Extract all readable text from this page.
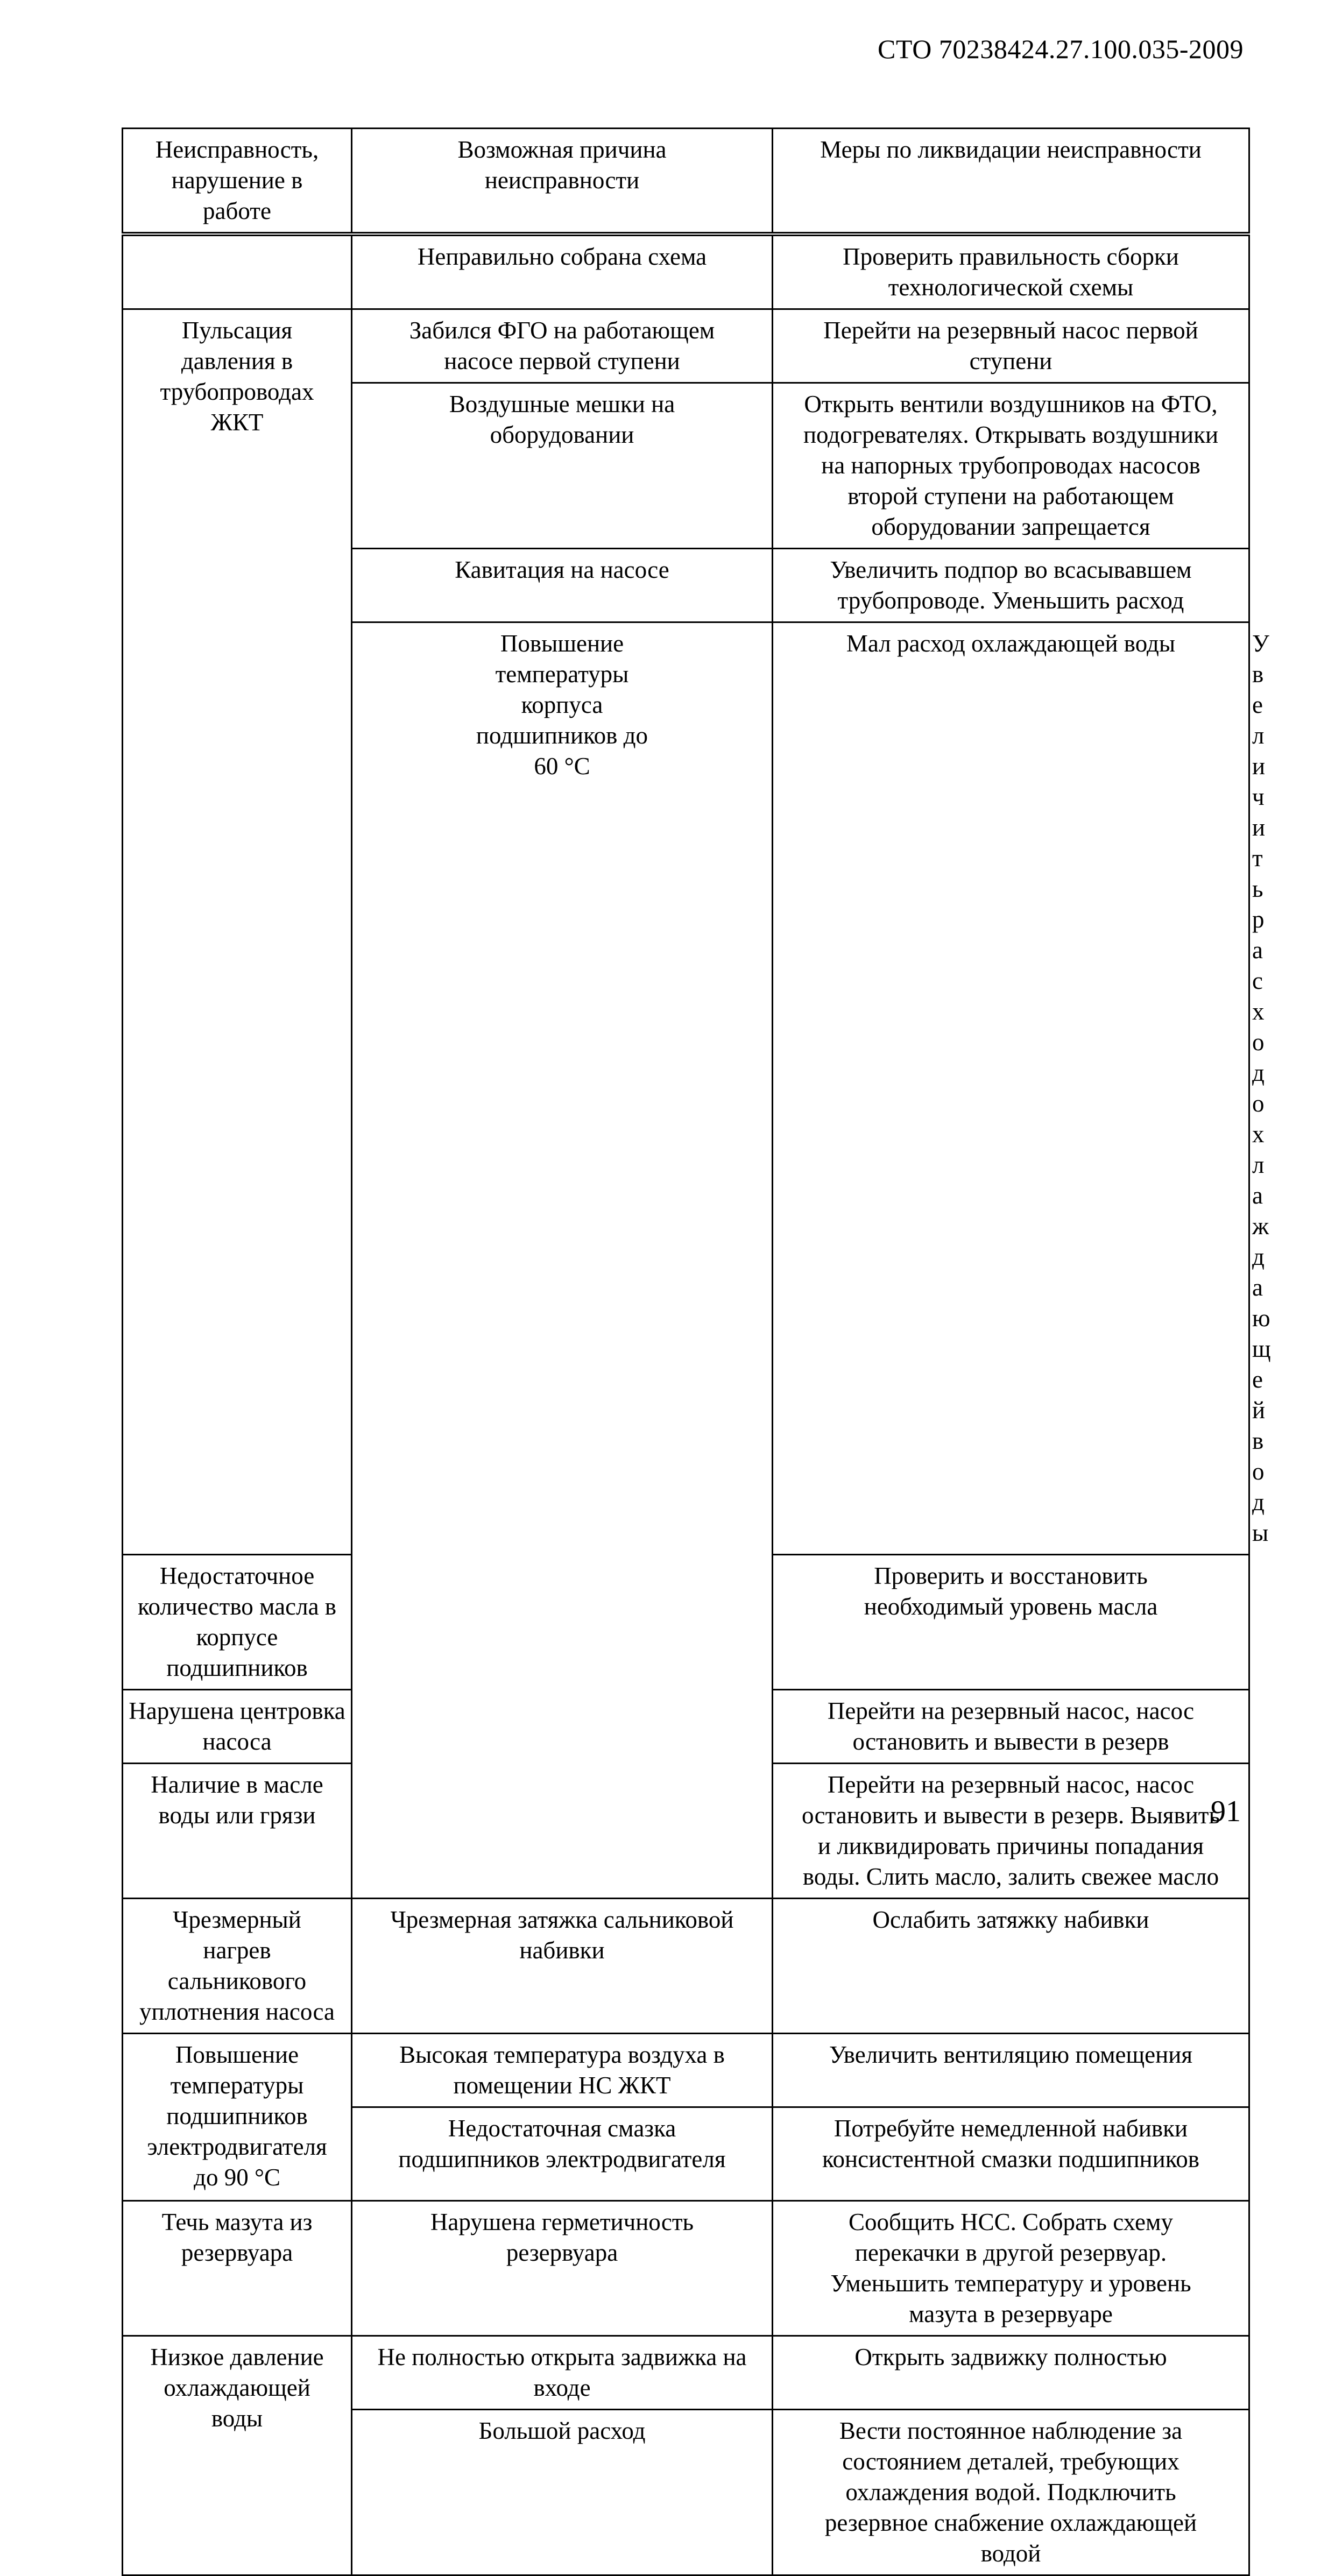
СТО 70238424.27.100.035-2009
Неисправность,
нарушение в
работе	Возможная причина
неисправности	Меры по ликвидации неисправности	

	Неправильно собрана схема	Проверить правильность сборки
технологической схемы	

Пульсация
давления в
трубопроводах
ЖКТ	Забился ФГО на работающем
насосе первой ступени	Перейти на резервный насос первой
ступени	

	Воздушные мешки на
оборудовании	Открыть вентили воздушников на ФТО,
подогревателях. Открывать воздушники
на напорных трубопроводах насосов
второй ступени на работающем
оборудовании запрещается	

	Кавитация на насосе	Увеличить подпор во всасывавшем
трубопроводе. Уменьшить расход	

	Повышение
температуры
корпуса
подшипников до
60 °С	Мал расход охлаждающей воды	Увеличить расход охлаждающей воды

Недостаточное количество масла в
корпусе подшипников		Проверить и восстановить
необходимый уровень масла	

Нарушена центровка насоса		Перейти на резервный насос, насос
остановить и вывести в резерв	

Наличие в масле воды или грязи		Перейти на резервный насос, насос
остановить и вывести в резерв. Выявить
и ликвидировать причины попадания
воды. Слить масло, залить свежее масло	

Чрезмерный
нагрев
сальникового
уплотнения насоса	Чрезмерная затяжка сальниковой
набивки	Ослабить затяжку набивки	

Повышение
температуры
подшипников
электродвигателя
до 90 °С	Высокая температура воздуха в
помещении НС ЖКТ	Увеличить вентиляцию помещения	

	Недостаточная смазка
подшипников электродвигателя	Потребуйте немедленной набивки
консистентной смазки подшипников	

Течь мазута из
резервуара	Нарушена герметичность
резервуара	Сообщить НСС. Собрать схему
перекачки в другой резервуар.
Уменьшить температуру и уровень
мазута в резервуаре	

Низкое давление
охлаждающей
воды	Не полностью открыта задвижка на
входе	Открыть задвижку полностью	

	Большой расход	Вести постоянное наблюдение за
состоянием деталей, требующих
охлаждения водой. Подключить
резервное снабжение охлаждающей
водой	
91
